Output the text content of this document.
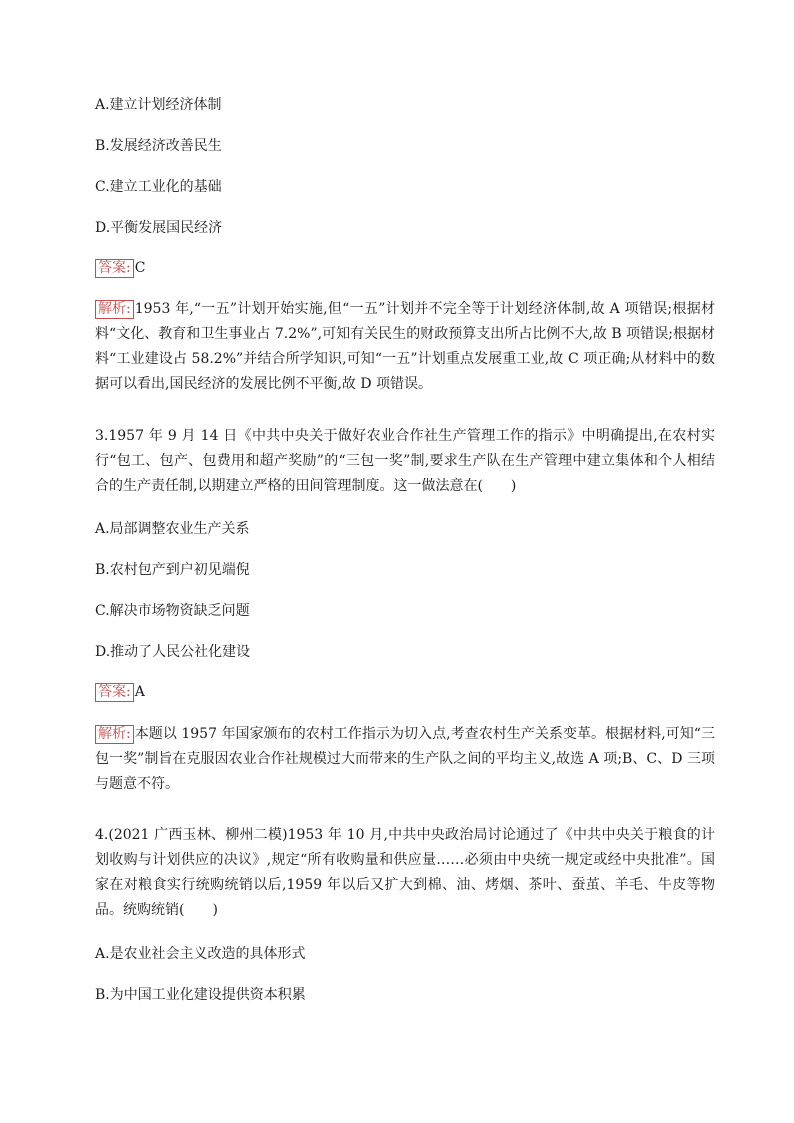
A.建立计划经济体制
B.发展经济改善民生
C.建立工业化的基础
D.平衡发展国民经济
答案: C
解析: 1953 年,“一五”计划开始实施,但“一五”计划并不完全等于计划经济体制,故 A 项错误;根据材料“文化、教育和卫生事业占 7.2%”,可知有关民生的财政预算支出所占比例不大,故 B 项错误;根据材料“工业建设占 58.2%”并结合所学知识,可知“一五”计划重点发展重工业,故 C 项正确;从材料中的数据可以看出,国民经济的发展比例不平衡,故 D 项错误。
3.1957 年 9 月 14 日《中共中央关于做好农业合作社生产管理工作的指示》中明确提出,在农村实行“包工、包产、包费用和超产奖励”的“三包一奖”制,要求生产队在生产管理中建立集体和个人相结合的生产责任制,以期建立严格的田间管理制度。这一做法意在(　　)
A.局部调整农业生产关系
B.农村包产到户初见端倪
C.解决市场物资缺乏问题
D.推动了人民公社化建设
答案: A
解析: 本题以 1957 年国家颁布的农村工作指示为切入点,考查农村生产关系变革。根据材料,可知“三包一奖”制旨在克服因农业合作社规模过大而带来的生产队之间的平均主义,故选 A 项;B、C、D 三项与题意不符。
4.(2021 广西玉林、柳州二模)1953 年 10 月,中共中央政治局讨论通过了《中共中央关于粮食的计划收购与计划供应的决议》,规定“所有收购量和供应量……必须由中央统一规定或经中央批准”。国家在对粮食实行统购统销以后,1959 年以后又扩大到棉、油、烤烟、茶叶、蚕茧、羊毛、牛皮等物品。统购统销(　　)
A.是农业社会主义改造的具体形式
B.为中国工业化建设提供资本积累
